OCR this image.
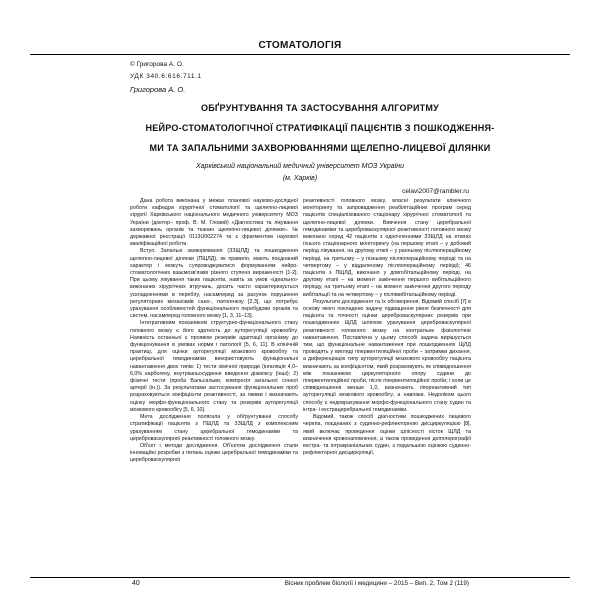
СТОМАТОЛОГІЯ
© Григорова А. О.
УДК 340.6:616.711.1
Григорова А. О.
ОБҐРУНТУВАННЯ ТА ЗАСТОСУВАННЯ АЛГОРИТМУ
НЕЙРО-СТОМАТОЛОГІЧНОЇ СТРАТИФІКАЦІЇ ПАЦІЄНТІВ З ПОШКОДЖЕННЯ-
МИ ТА ЗАПАЛЬНИМИ ЗАХВОРЮВАННЯМИ ЩЕЛЕПНО-ЛИЦЕВОЇ ДІЛЯНКИ
Харківський національний медичний університет МОЗ України
(м. Харків)
celavi2007@rambler.ru

Дана робота виконана у межах планової науково-дослідної роботи кафедри хірургічної стоматології та щелепно-лицевої хірургії Харківського національного медичного університету МОЗ України (доктор– проф. В. М. Гловий) «Діагностика та лікування захворювань органів та тканин щелепно-лицевої ділянки». № державної реєстрації 0113U002274 та є фрагментом наукової кваліфікаційної роботи.

Вступ. Запальні захворювання (ЗЗЩЛД) та пошкодження щелепно-лицевої ділянки (ПЩЛД), як правило, мають поєднаний характер і можуть супроводжуватися формуванням нейро-стоматологічних взаємозв'язків різного ступеня вираженості [1-2]. При цьому лікування таких пацієнтів, навіть за умов «ідеально» виконаних хірургічних втручань, досить часто характеризується ускладненнями в перебігу, насамперед за рахунок порушення регуляторних механізмів сано-, патогенезу [2,3], що потребує урахування особливостей функціонального перебудови органів та систем, насамперед головного мозку [1, 3, 11–13].

Інтегративним показником структурно-функціонального стану головного мозку є його здатність до ауторегуляції кровообігу. Наявність останньої є проявом резервів адаптації організму до функціонування в умовах норми і патології [5, 6, 11]. В клінічній практиці, для оцінки ауторегуляції мозкового кровообігу та церебральної гемодинаміки використовують функціональні навантаження двох типів: 1) тести хімічної природи (інгаляція 4,0–6,0% карбогену, внутрішньосудинне введення діамоксу (інші); 2) фізичні тести (проба Вальсальви, компресія загальної сонної артерії (ін.)). За результатами застосування функціональних проб розраховуються коефіцієнти реактивності, за якими і визначають оцінку морфо-функціонального стану та резервів ауторегуляції мозкового кровообігу [5, 6, 10].

Мета дослідження полягала у обґрунтуванні способу стратифікації пацієнтів з ПЩЛД та ЗЗЩЛД з комплексним урахуванням стану церебральної гемодинаміки та цереброваскулярної реактивності головного мозку.

Об'єкт і методи дослідження. Об'єктом дослідження стали інновацйні розробки з питань оцінки церебральної гемодинаміки та цереброваскулярної

реактивності головного мозку, власні результати клінічного моніторингу та запровадження реабілітаційних програм серед пацієнтів спеціалізованого стаціонару хірургічної стоматології та щелепно-лицевої ділянки. Вивчення стану церебральної гемодинаміки та цереброваскулярної реактивності головного мозку виконано серед 42 пацієнтів з одночленними ЗЗЩЛД на етапах їхнього стаціонарного моніторингу (на першому етапі – у добовий період лікування, на другому етапі – у ранньому післяопераційному періоді, на третьому – у пізньому післяопераційному періоді та на четвертому – у віддаленому післяопераційному періоді); 46 пацієнтів з ПЩЛД, виконано у довгобітальційному періоді, на другому етапі – на момент закінчення першого вибітальційного періоду, на третьому етапі – на момент закінчення другого періоду вибітальції та на четвертому – у післявибітальційному періоді.

Результати дослідження та їх обговорення. Відомий спосіб [7] в основу якого покладено задачу підвищення рівня безпечності для пацієнта та точності оцінки цереброваскулярних резервів при пошкодженнях ЩЛД шляхом урахування цереброваскулярної реактивності головного мозку на контральне фізіологічне навантаження. Поставлена у цьому способі задача вирішується тим, що функціональне навантаження при пошкодженнях ЩЛД проводять у вигляді гіпервентиляційної проби – затримки дихання, а диференціацію типу ауторегуляції мозкового кровообігу пацієнта визначають за коефіцієнтом, який розраховують як співвідношення між показником циркуляторного опору судини до гіпервентиляційної проби, після гіпервентиляційної проби; і коли це співвідношення менше 1,0, визначають гіпореактивний тип ауторегуляції мозкового кровообігу, а навпаки. Недоліком цього способу є недоврахування морфо-функціонального стану судин та інтра- і екстрацеребральної гемодинаміки.

Відомий, також спосіб діагностики пошкоджених лицевого черепа, поєднаних з судинно-рефлекторною дисциркуляцією [8], який включає проведення оцінки цілісності кісток ЩЛД та визначення кровонаповнення, а також проведення допплерографії екстра- та інтракраніальних судин, з подальшою оцінкою судинно-рефлекторної дисциркуляції,

40	Вісник проблем біології і медицини – 2015 – Вип. 2, Том 2 (119)
